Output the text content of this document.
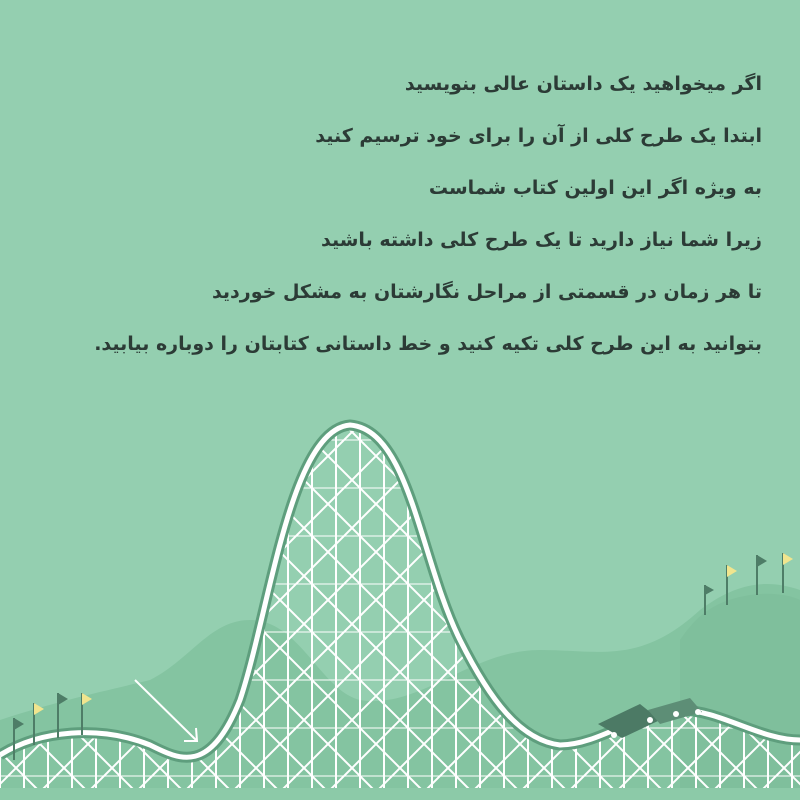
اگر میخواهید یک داستان عالی بنویسید
ابتدا یک طرح کلی از آن را برای خود ترسیم کنید
به ویژه اگر این اولین کتاب شماست
زیرا شما نیاز دارید تا یک طرح کلی داشته باشید
تا هر زمان در قسمتی از مراحل نگارشتان به مشکل خوردید
بتوانید به این طرح کلی تکیه کنید و خط داستانی کتابتان را دوباره بیابید.
